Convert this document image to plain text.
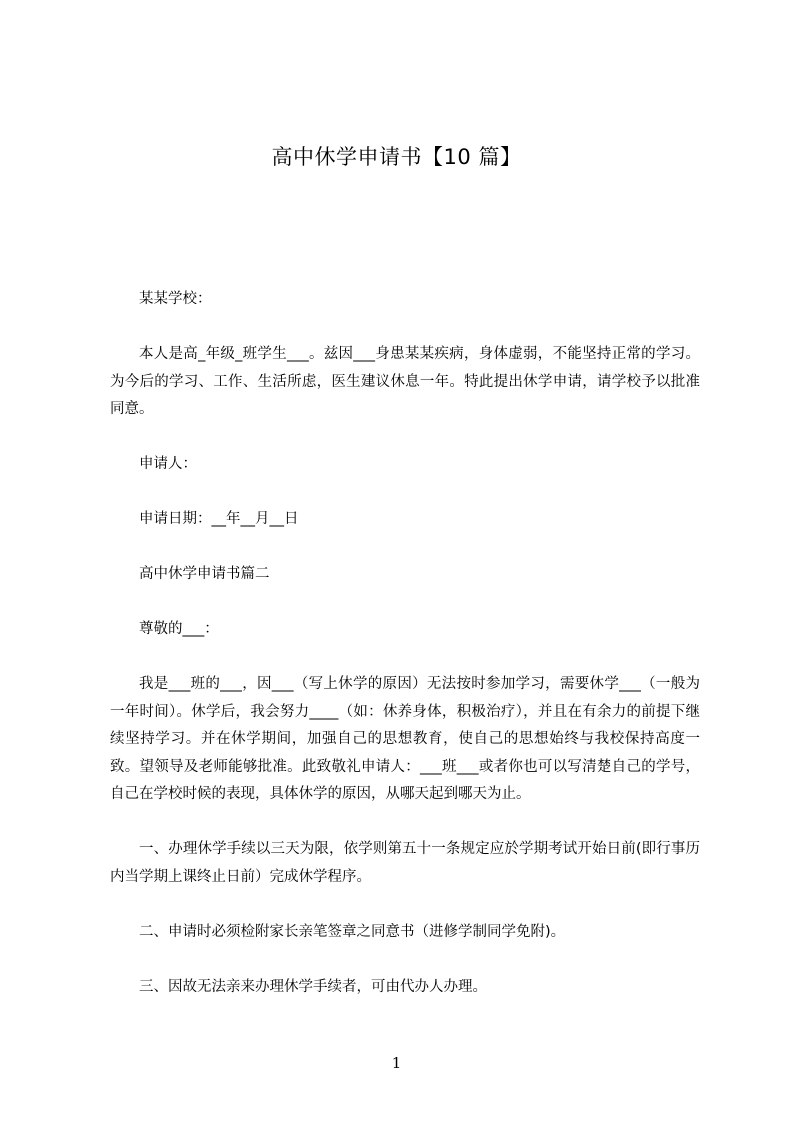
高中休学申请书【10 篇】

某某学校：

本人是高_年级_班学生___。兹因___身患某某疾病，身体虚弱，不能坚持正常的学习。为今后的学习、工作、生活所虑，医生建议休息一年。特此提出休学申请，请学校予以批准同意。

申请人：

申请日期：__年__月__日

高中休学申请书篇二

尊敬的___：

我是___班的___，因___（写上休学的原因）无法按时参加学习，需要休学___（一般为一年时间）。休学后，我会努力____（如：休养身体，积极治疗），并且在有余力的前提下继续坚持学习。并在休学期间，加强自己的思想教育，使自己的思想始终与我校保持高度一致。望领导及老师能够批准。此致敬礼申请人：___班___或者你也可以写清楚自己的学号，自己在学校时候的表现，具体休学的原因，从哪天起到哪天为止。

一、办理休学手续以三天为限，依学则第五十一条规定应於学期考试开始日前(即行事历内当学期上课终止日前）完成休学程序。

二、申请时必须检附家长亲笔签章之同意书（进修学制同学免附)。

三、因故无法亲来办理休学手续者，可由代办人办理。

1
